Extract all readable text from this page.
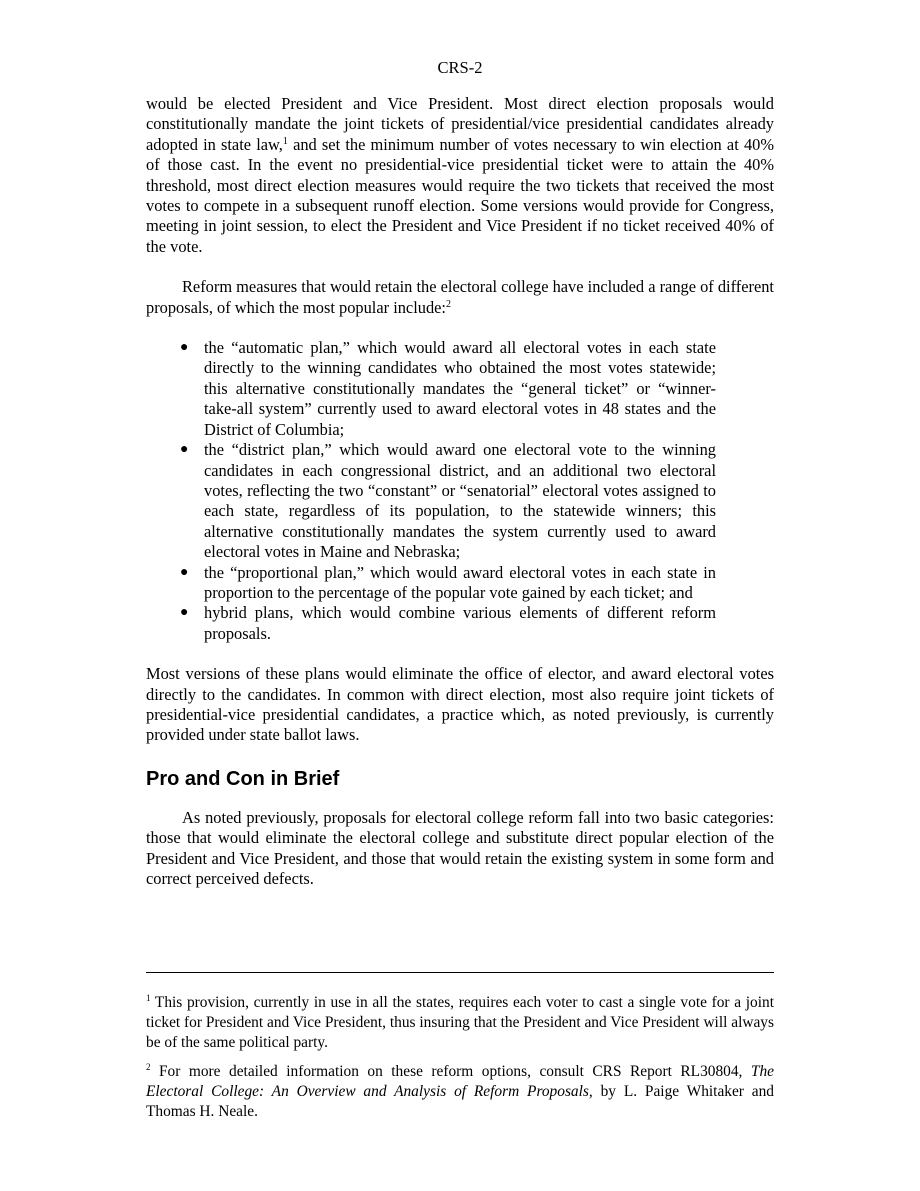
CRS-2

would be elected President and Vice President. Most direct election proposals would constitutionally mandate the joint tickets of presidential/vice presidential candidates already adopted in state law,$^1$ and set the minimum number of votes necessary to win election at 40% of those cast. In the event no presidential-vice presidential ticket were to attain the 40% threshold, most direct election measures would require the two tickets that received the most votes to compete in a subsequent runoff election. Some versions would provide for Congress, meeting in joint session, to elect the President and Vice President if no ticket received 40% of the vote.

Reform measures that would retain the electoral college have included a range of different proposals, of which the most popular include:$^2$

● the “automatic plan,” which would award all electoral votes in each state directly to the winning candidates who obtained the most votes statewide; this alternative constitutionally mandates the “general ticket” or “winner-take-all system” currently used to award electoral votes in 48 states and the District of Columbia;
● the “district plan,” which would award one electoral vote to the winning candidates in each congressional district, and an additional two electoral votes, reflecting the two “constant” or “senatorial” electoral votes assigned to each state, regardless of its population, to the statewide winners; this alternative constitutionally mandates the system currently used to award electoral votes in Maine and Nebraska;
● the “proportional plan,” which would award electoral votes in each state in proportion to the percentage of the popular vote gained by each ticket; and
● hybrid plans, which would combine various elements of different reform proposals.

Most versions of these plans would eliminate the office of elector, and award electoral votes directly to the candidates. In common with direct election, most also require joint tickets of presidential-vice presidential candidates, a practice which, as noted previously, is currently provided under state ballot laws.

Pro and Con in Brief

As noted previously, proposals for electoral college reform fall into two basic categories: those that would eliminate the electoral college and substitute direct popular election of the President and Vice President, and those that would retain the existing system in some form and correct perceived defects.

$^1$ This provision, currently in use in all the states, requires each voter to cast a single vote for a joint ticket for President and Vice President, thus insuring that the President and Vice President will always be of the same political party.

$^2$ For more detailed information on these reform options, consult CRS Report RL30804, The Electoral College: An Overview and Analysis of Reform Proposals, by L. Paige Whitaker and Thomas H. Neale.
